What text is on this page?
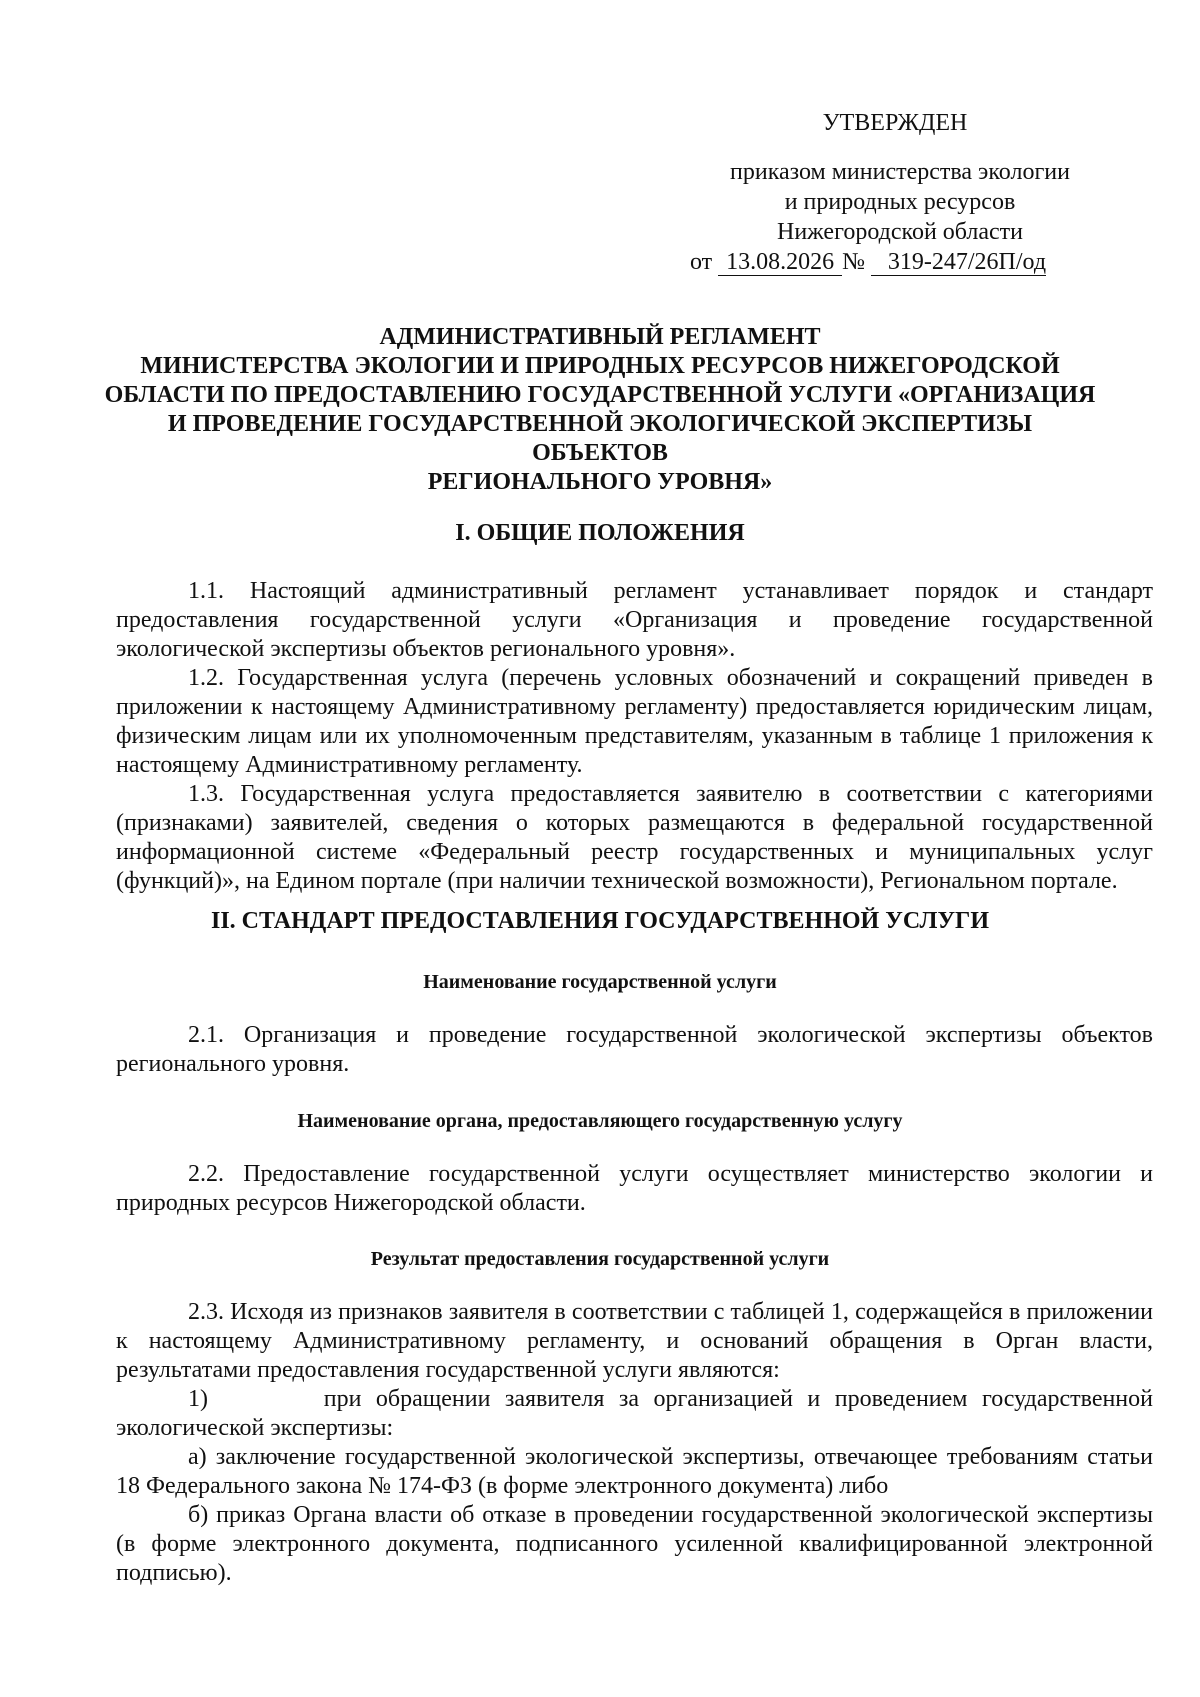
УТВЕРЖДЕН
приказом министерства экологии
и природных ресурсов
Нижегородской области
от 13.08.2026 № 319-247/26П/од
АДМИНИСТРАТИВНЫЙ РЕГЛАМЕНТ
МИНИСТЕРСТВА ЭКОЛОГИИ И ПРИРОДНЫХ РЕСУРСОВ НИЖЕГОРОДСКОЙ
ОБЛАСТИ ПО ПРЕДОСТАВЛЕНИЮ ГОСУДАРСТВЕННОЙ УСЛУГИ «ОРГАНИЗАЦИЯ
И ПРОВЕДЕНИЕ ГОСУДАРСТВЕННОЙ ЭКОЛОГИЧЕСКОЙ ЭКСПЕРТИЗЫ ОБЪЕКТОВ
РЕГИОНАЛЬНОГО УРОВНЯ»
I. ОБЩИЕ ПОЛОЖЕНИЯ

1.1. Настоящий административный регламент устанавливает порядок и стандарт предоставления государственной услуги «Организация и проведение государственной экологической экспертизы объектов регионального уровня».

1.2. Государственная услуга (перечень условных обозначений и сокращений приведен в приложении к настоящему Административному регламенту) предоставляется юридическим лицам, физическим лицам или их уполномоченным представителям, указанным в таблице 1 приложения к настоящему Административному регламенту.

1.3. Государственная услуга предоставляется заявителю в соответствии с категориями (признаками) заявителей, сведения о которых размещаются в федеральной государственной информационной системе «Федеральный реестр государственных и муниципальных услуг (функций)», на Едином портале (при наличии технической возможности), Региональном портале.

II. СТАНДАРТ ПРЕДОСТАВЛЕНИЯ ГОСУДАРСТВЕННОЙ УСЛУГИ
Наименование государственной услуги

2.1. Организация и проведение государственной экологической экспертизы объектов регионального уровня.

Наименование органа, предоставляющего государственную услугу

2.2. Предоставление государственной услуги осуществляет министерство экологии и природных ресурсов Нижегородской области.

Результат предоставления государственной услуги

2.3. Исходя из признаков заявителя в соответствии с таблицей 1, содержащейся в приложении к настоящему Административному регламенту, и оснований обращения в Орган власти, результатами предоставления государственной услуги являются:

1)        при обращении заявителя за организацией и проведением государственной экологической экспертизы:

а) заключение государственной экологической экспертизы, отвечающее требованиям статьи 18 Федерального закона № 174-ФЗ (в форме электронного документа) либо

б) приказ Органа власти об отказе в проведении государственной экологической экспертизы (в форме электронного документа, подписанного усиленной квалифицированной электронной подписью).
